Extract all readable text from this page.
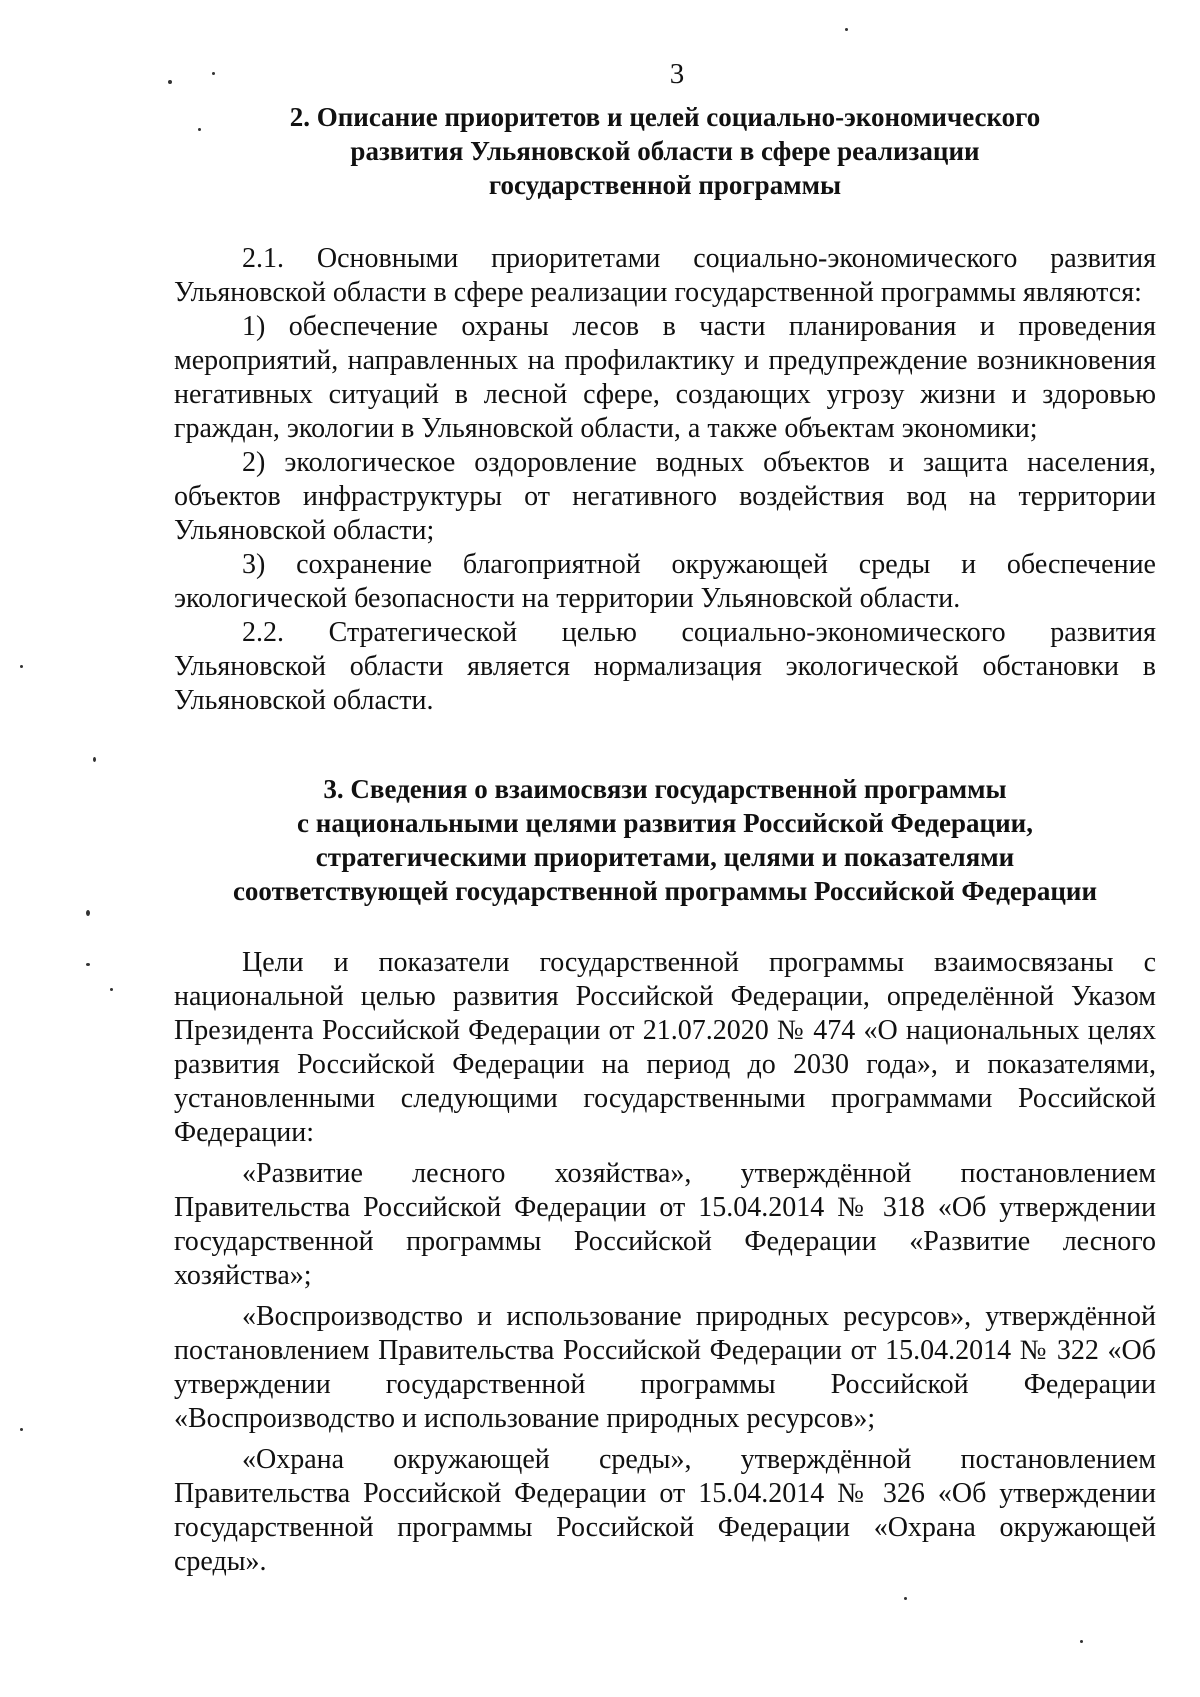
3
2. Описание приоритетов и целей социально-экономического
развития Ульяновской области в сфере реализации
государственной программы

2.1. Основными приоритетами социально-экономического развития Ульяновской области в сфере реализации государственной программы являются:

1) обеспечение охраны лесов в части планирования и проведения мероприятий, направленных на профилактику и предупреждение возникновения негативных ситуаций в лесной сфере, создающих угрозу жизни и здоровью граждан, экологии в Ульяновской области, а также объектам экономики;

2) экологическое оздоровление водных объектов и защита населения, объектов инфраструктуры от негативного воздействия вод на территории Ульяновской области;

3) сохранение благоприятной окружающей среды и обеспечение экологической безопасности на территории Ульяновской области.

2.2. Стратегической целью социально-экономического развития Ульяновской области является нормализация экологической обстановки в Ульяновской области.

3. Сведения о взаимосвязи государственной программы
с национальными целями развития Российской Федерации,
стратегическими приоритетами, целями и показателями
соответствующей государственной программы Российской Федерации

Цели и показатели государственной программы взаимосвязаны с национальной целью развития Российской Федерации, определённой Указом Президента Российской Федерации от 21.07.2020 № 474 «О национальных целях развития Российской Федерации на период до 2030 года», и показателями, установленными следующими государственными программами Российской Федерации:

«Развитие лесного хозяйства», утверждённой постановлением Правительства Российской Федерации от 15.04.2014 № 318 «Об утверждении государственной программы Российской Федерации «Развитие лесного хозяйства»;

«Воспроизводство и использование природных ресурсов», утверждённой постановлением Правительства Российской Федерации от 15.04.2014 № 322 «Об утверждении государственной программы Российской Федерации «Воспроизводство и использование природных ресурсов»;

«Охрана окружающей среды», утверждённой постановлением Правительства Российской Федерации от 15.04.2014 № 326 «Об утверждении государственной программы Российской Федерации «Охрана окружающей среды».
